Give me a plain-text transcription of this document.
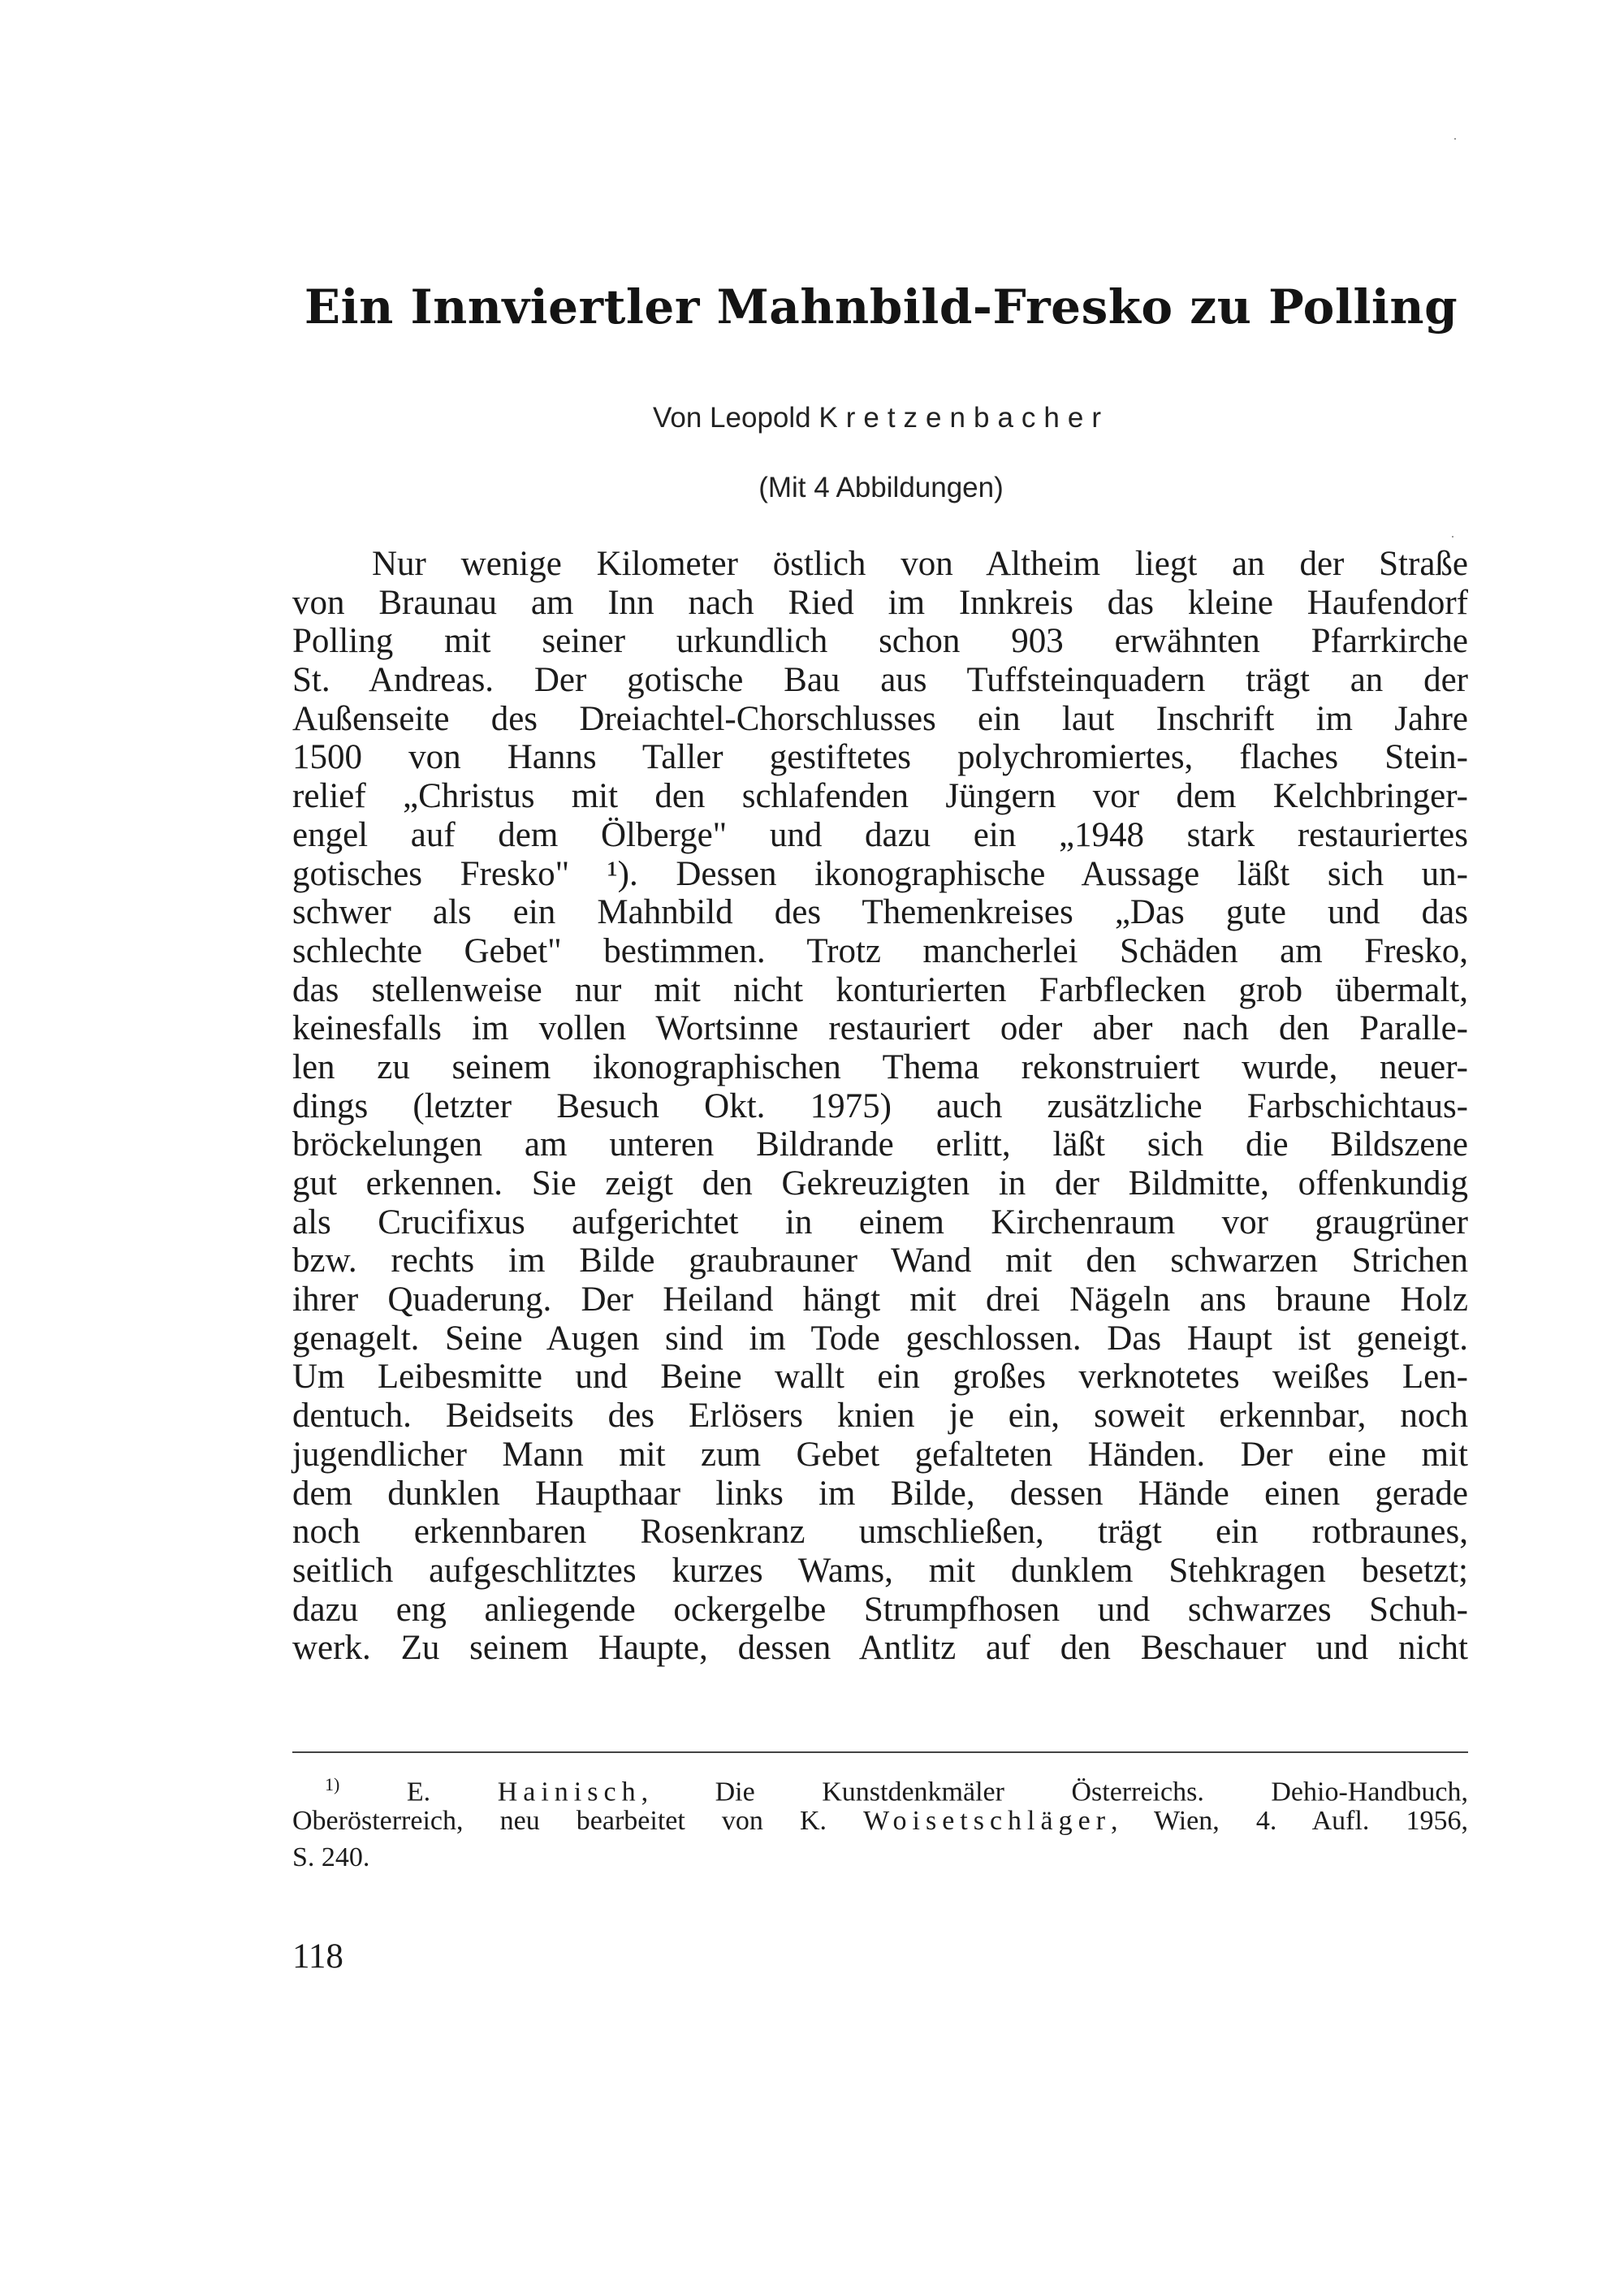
Ein Innviertler Mahnbild-Fresko zu Polling
Von Leopold Kretzenbacher
(Mit 4 Abbildungen)
Nur wenige Kilometer östlich von Altheim liegt an der Straße
von Braunau am Inn nach Ried im Innkreis das kleine Haufendorf
Polling mit seiner urkundlich schon 903 erwähnten Pfarrkirche
St. Andreas. Der gotische Bau aus Tuffsteinquadern trägt an der
Außenseite des Dreiachtel-Chorschlusses ein laut Inschrift im Jahre
1500 von Hanns Taller gestiftetes polychromiertes, flaches Stein-
relief „Christus mit den schlafenden Jüngern vor dem Kelchbringer-
engel auf dem Ölberge" und dazu ein „1948 stark restauriertes
gotisches Fresko" ¹). Dessen ikonographische Aussage läßt sich un-
schwer als ein Mahnbild des Themenkreises „Das gute und das
schlechte Gebet" bestimmen. Trotz mancherlei Schäden am Fresko,
das stellenweise nur mit nicht konturierten Farbflecken grob übermalt,
keinesfalls im vollen Wortsinne restauriert oder aber nach den Paralle-
len zu seinem ikonographischen Thema rekonstruiert wurde, neuer-
dings (letzter Besuch Okt. 1975) auch zusätzliche Farbschichtaus-
bröckelungen am unteren Bildrande erlitt, läßt sich die Bildszene
gut erkennen. Sie zeigt den Gekreuzigten in der Bildmitte, offenkundig
als Crucifixus aufgerichtet in einem Kirchenraum vor graugrüner
bzw. rechts im Bilde graubrauner Wand mit den schwarzen Strichen
ihrer Quaderung. Der Heiland hängt mit drei Nägeln ans braune Holz
genagelt. Seine Augen sind im Tode geschlossen. Das Haupt ist geneigt.
Um Leibesmitte und Beine wallt ein großes verknotetes weißes Len-
dentuch. Beidseits des Erlösers knien je ein, soweit erkennbar, noch
jugendlicher Mann mit zum Gebet gefalteten Händen. Der eine mit
dem dunklen Haupthaar links im Bilde, dessen Hände einen gerade
noch erkennbaren Rosenkranz umschließen, trägt ein rotbraunes,
seitlich aufgeschlitztes kurzes Wams, mit dunklem Stehkragen besetzt;
dazu eng anliegende ockergelbe Strumpfhosen und schwarzes Schuh-
werk. Zu seinem Haupte, dessen Antlitz auf den Beschauer und nicht
$^{1)}$ E. Hainisch, Die Kunstdenkmäler Österreichs. Dehio-Handbuch,
Oberösterreich, neu bearbeitet von K. Woisetschläger, Wien, 4. Aufl. 1956,
S. 240.
118
